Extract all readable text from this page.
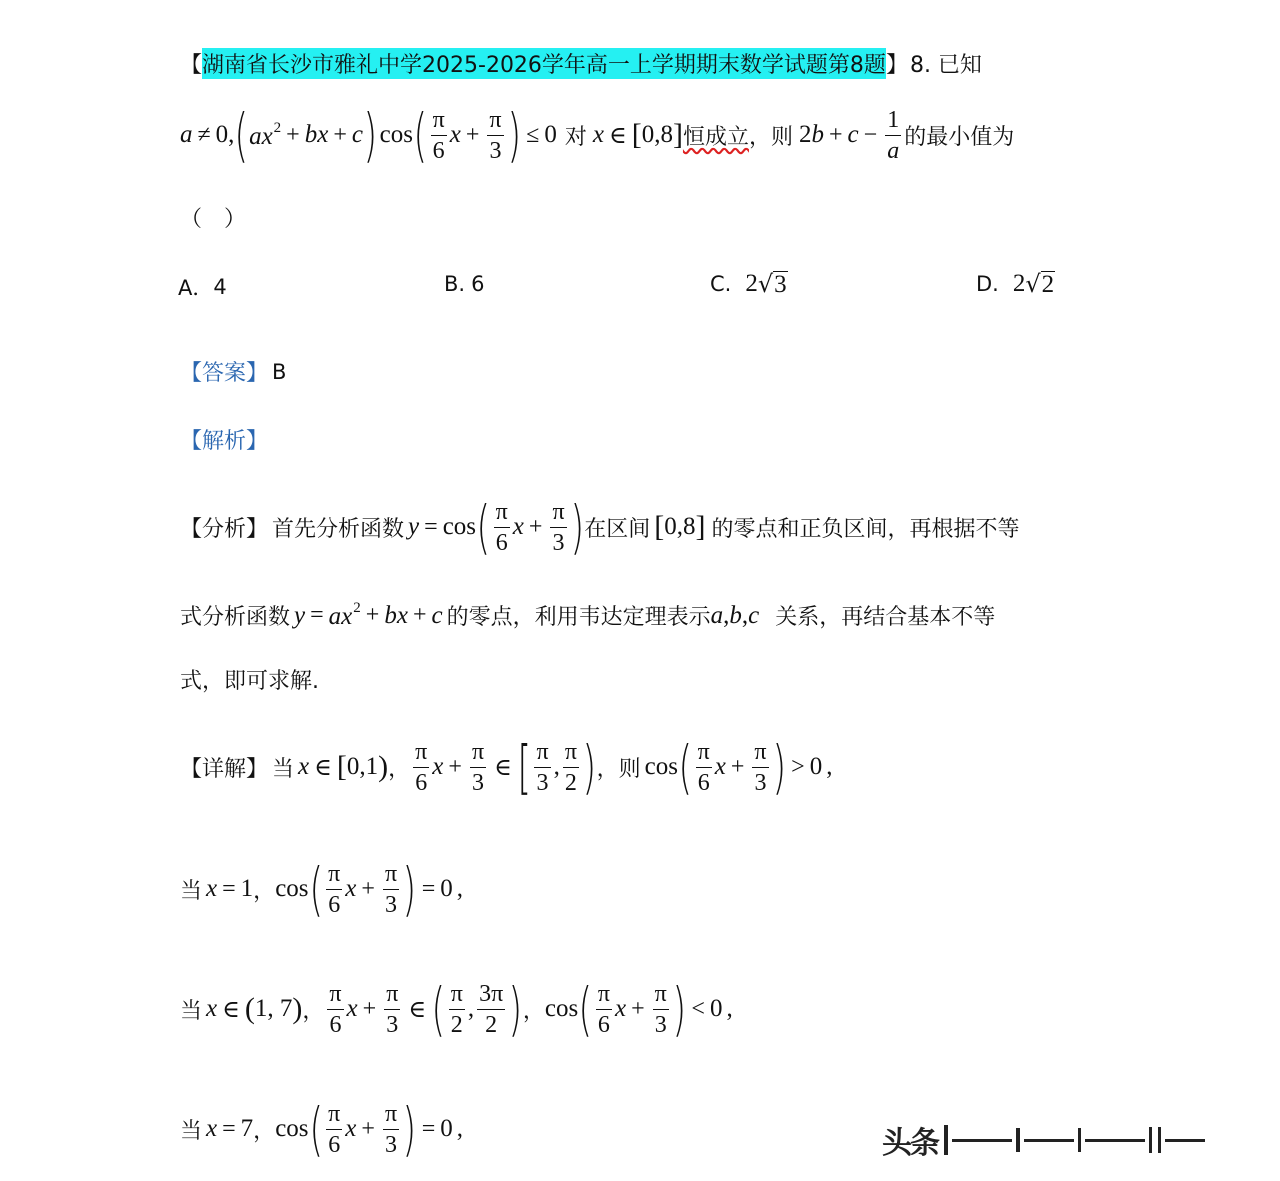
【 湖南省长沙市雅礼中学2025-2026学年高一上学期期末数学试题第8题 】 8. 已知
a ≠ 0, ( $ax^2$ + bx + c ) cos ( $\frac{\pi}{6}$ $x + \frac{\pi}{3}$ ) ≤ 0 对 x ∈ [ 0,8 ] 恒成立 ，则 2 $b + c - \frac{1}{a}$ 的最小值为
（　）
A． 4	B. 6	C. 2 √ 3	D. 2 √ 2
【答案】 B
【解析】
【分析】 首先分析函数 y = cos ( $\frac{\pi}{6}$ $x + \frac{\pi}{3}$ ) 在区间 [ 0,8 ] 的零点和正负区间，再根据不等
式分析函数 $y = ax^2$ + bx + c 的零点，利用韦达定理表示 a , b , c 关系，再结合基本不等
式，即可求解.
【详解】 当 x ∈ [ 0,1 ) ， $\frac{\pi}{6}$ $x + \frac{\pi}{3}$ ∈ [ $\frac{\pi}{3}$ , $\frac{\pi}{2}$ ) ， 则 cos ( $\frac{\pi}{6}$ $x + \frac{\pi}{3}$ ) > 0 ,
当 x = 1 ， cos ( $\frac{\pi}{6}$ $x + \frac{\pi}{3}$ ) = 0 ,
当 x ∈ ( 1, 7 ) ， $\frac{\pi}{6}$ $x + \frac{\pi}{3}$ ∈ ( $\frac{\pi}{2}$ , $\frac{3\pi}{2}$ ) ， cos ( $\frac{\pi}{6}$ $x + \frac{\pi}{3}$ ) < 0 ,
当 x = 7 ， cos ( $\frac{\pi}{6}$ $x + \frac{\pi}{3}$ ) = 0 ,	头条
